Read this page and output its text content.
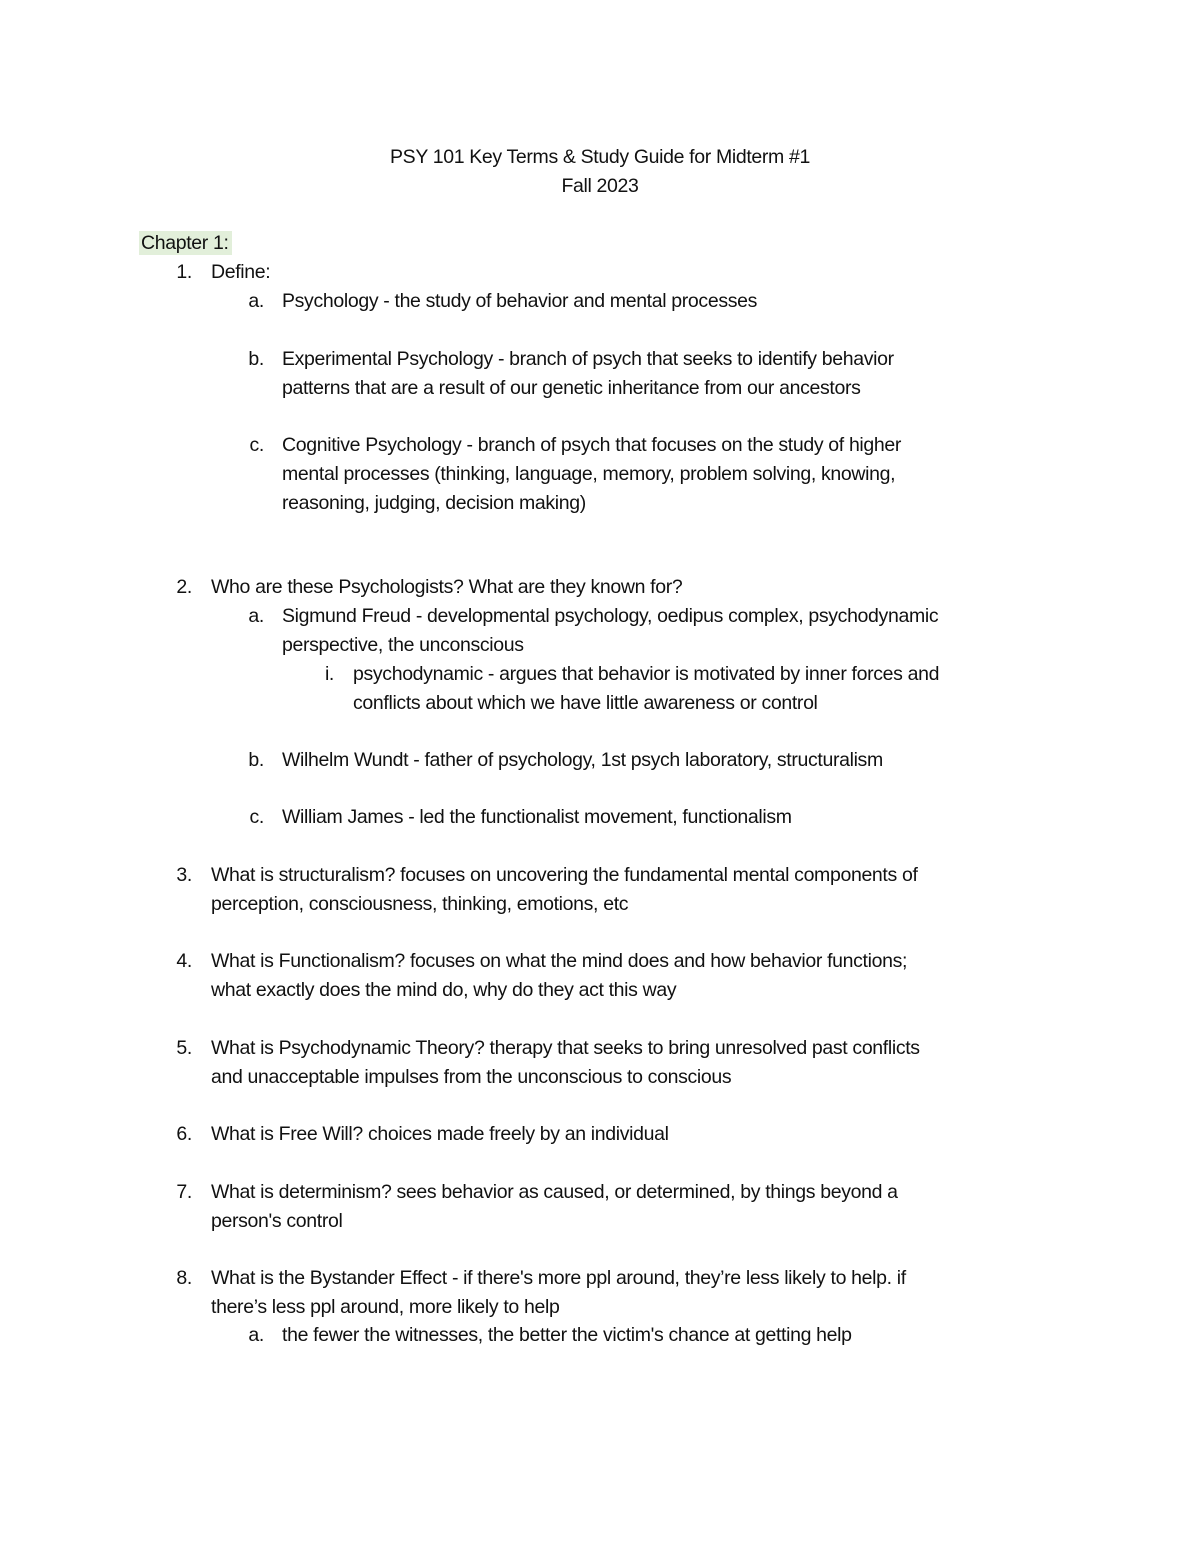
PSY 101 Key Terms & Study Guide for Midterm #1

Fall 2023

Chapter 1:

1. Define:

a. Psychology - the study of behavior and mental processes

b. Experimental Psychology - branch of psych that seeks to identify behavior

patterns that are a result of our genetic inheritance from our ancestors

c. Cognitive Psychology - branch of psych that focuses on the study of higher

mental processes (thinking, language, memory, problem solving, knowing,

reasoning, judging, decision making)

2. Who are these Psychologists? What are they known for?

a. Sigmund Freud - developmental psychology, oedipus complex, psychodynamic

perspective, the unconscious

i. psychodynamic - argues that behavior is motivated by inner forces and

conflicts about which we have little awareness or control

b. Wilhelm Wundt - father of psychology, 1st psych laboratory, structuralism

c. William James - led the functionalist movement, functionalism

3. What is structuralism? focuses on uncovering the fundamental mental components of

perception, consciousness, thinking, emotions, etc

4. What is Functionalism? focuses on what the mind does and how behavior functions;

what exactly does the mind do, why do they act this way

5. What is Psychodynamic Theory? therapy that seeks to bring unresolved past conflicts

and unacceptable impulses from the unconscious to conscious

6. What is Free Will? choices made freely by an individual

7. What is determinism? sees behavior as caused, or determined, by things beyond a

person's control

8. What is the Bystander Effect - if there's more ppl around, they’re less likely to help. if

there’s less ppl around, more likely to help

a. the fewer the witnesses, the better the victim's chance at getting help
